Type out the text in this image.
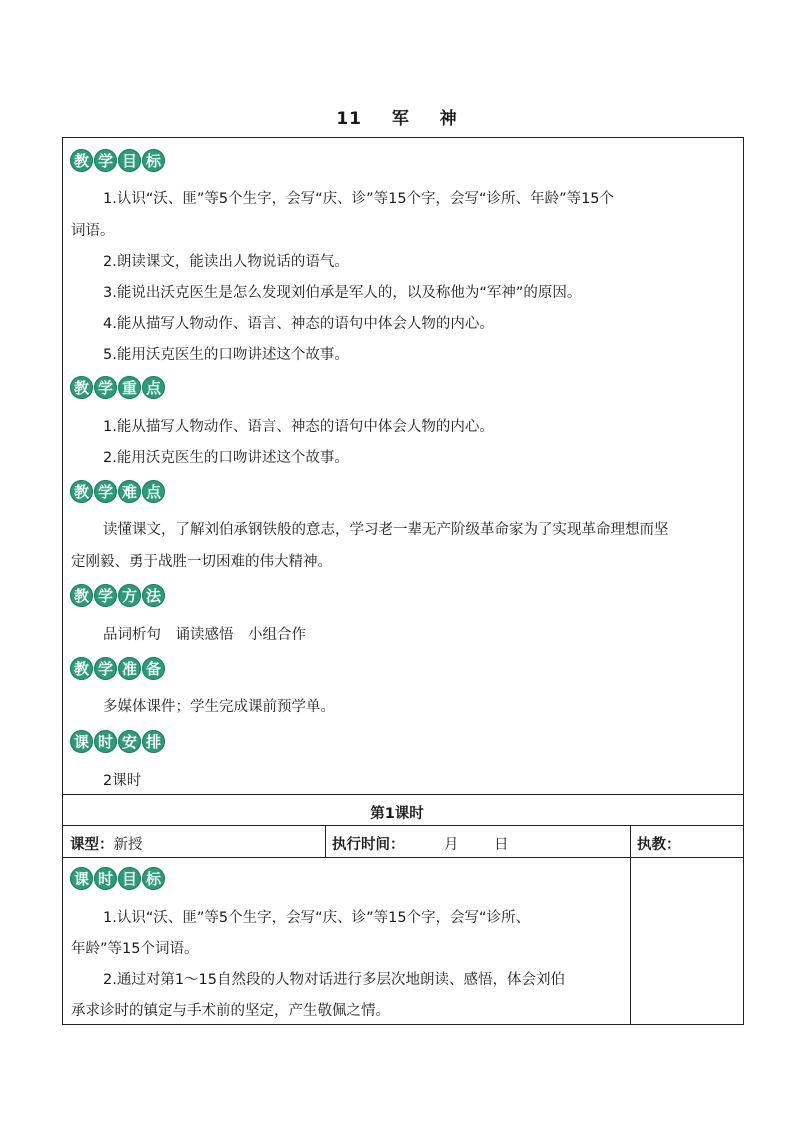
11 军 神
教 学 目 标
1.认识“沃、匪”等5个生字，会写“庆、诊”等15个字，会写“诊所、年龄”等15个
词语。
2.朗读课文，能读出人物说话的语气。
3.能说出沃克医生是怎么发现刘伯承是军人的，以及称他为“军神”的原因。
4.能从描写人物动作、语言、神态的语句中体会人物的内心。
5.能用沃克医生的口吻讲述这个故事。
教 学 重 点
1.能从描写人物动作、语言、神态的语句中体会人物的内心。
2.能用沃克医生的口吻讲述这个故事。
教 学 难 点
读懂课文，了解刘伯承钢铁般的意志，学习老一辈无产阶级革命家为了实现革命理想而坚
定刚毅、勇于战胜一切困难的伟大精神。
教 学 方 法
品词析句　诵读感悟　小组合作
教 学 准 备
多媒体课件；学生完成课前预学单。
课 时 安 排
2课时
第1课时
课型：新授	执行时间：	月 日	执教：
课 时 目 标
1.认识“沃、匪”等5个生字，会写“庆、诊”等15个字，会写“诊所、
年龄”等15个词语。
2.通过对第1～15自然段的人物对话进行多层次地朗读、感悟，体会刘伯
承求诊时的镇定与手术前的坚定，产生敬佩之情。
